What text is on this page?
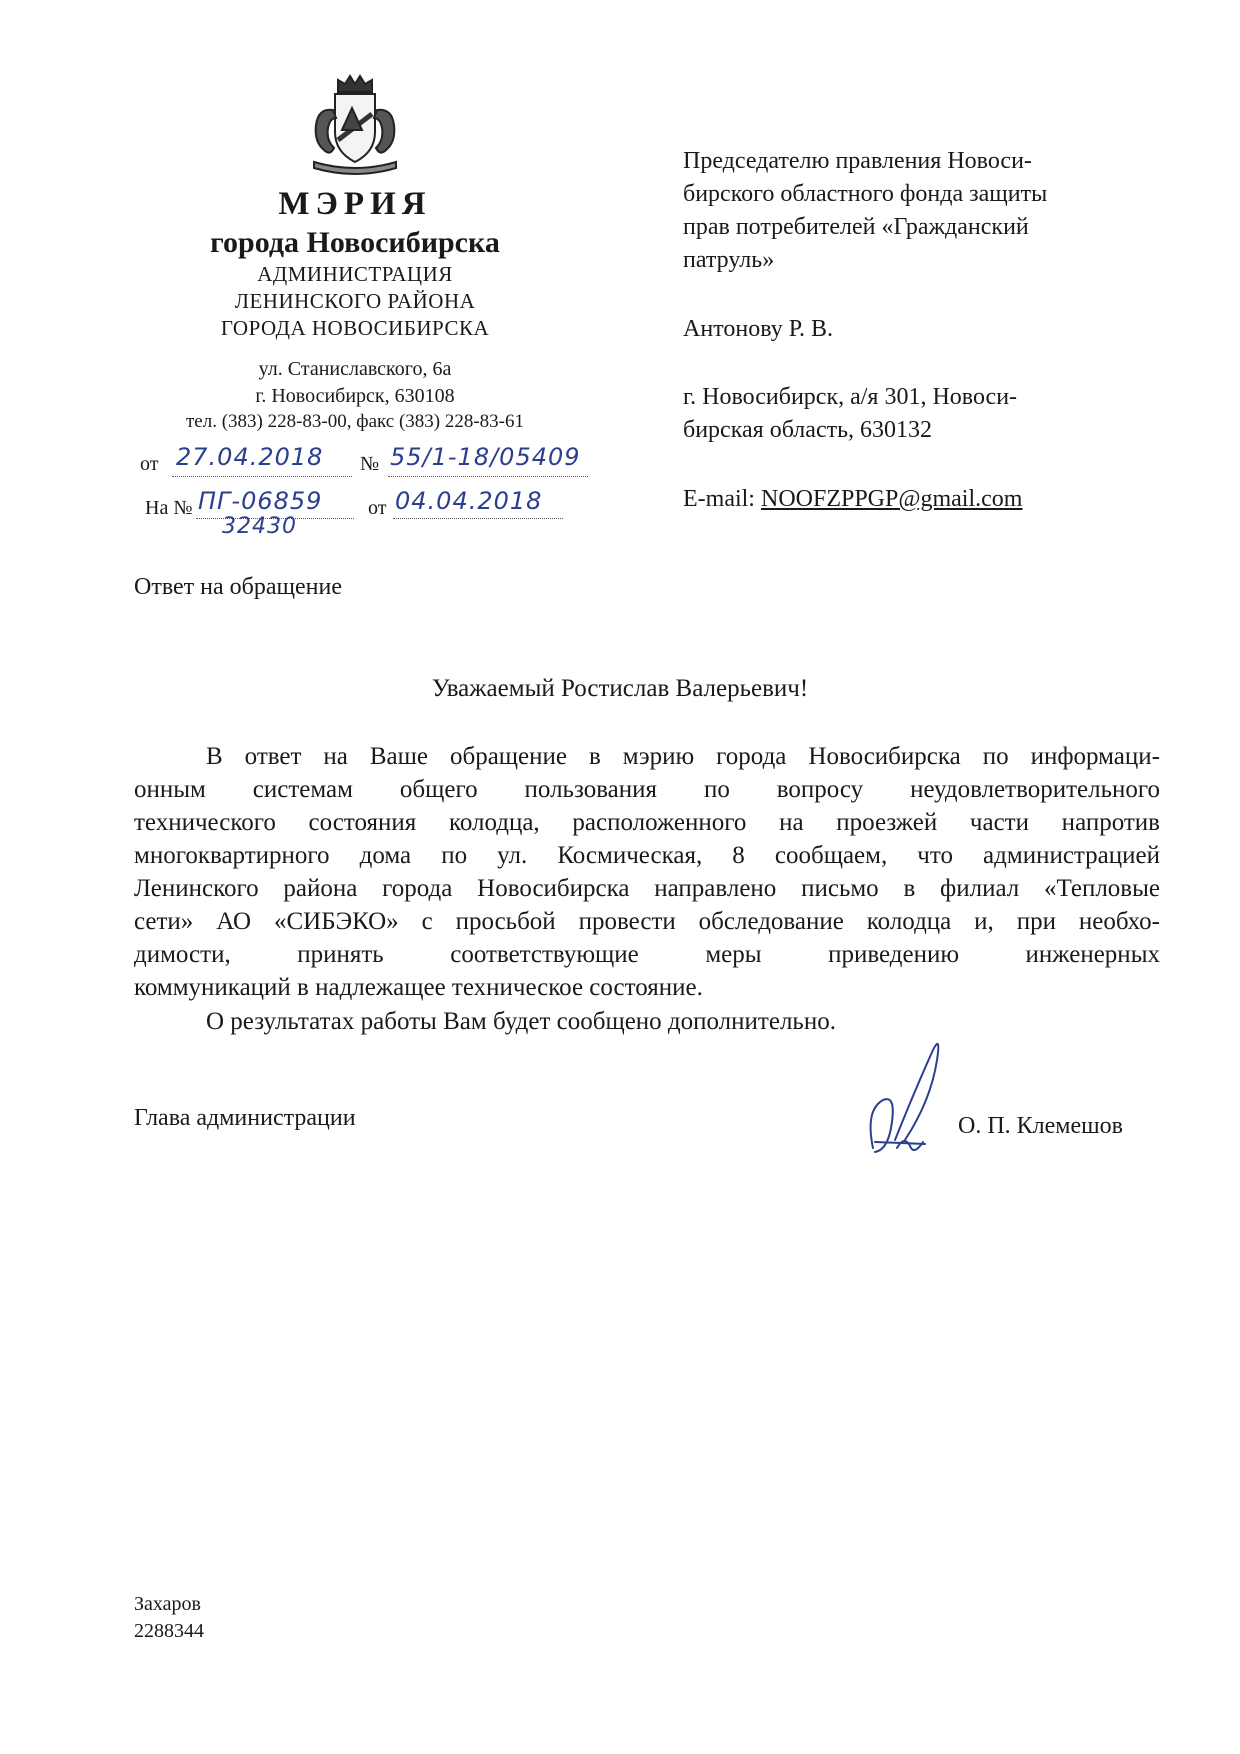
МЭРИЯ
города Новосибирска
АДМИНИСТРАЦИЯ
ЛЕНИНСКОГО РАЙОНА
ГОРОДА НОВОСИБИРСКА
ул. Станиславского, 6а
г. Новосибирск, 630108
тел. (383) 228-83-00, факс (383) 228-83-61
от 27.04.2018 № 55/1-18/05409
На № ПГ-06859
32430
от 04.04.2018
Председателю правления Новоси-
бирского областного фонда защиты
прав потребителей «Гражданский
патруль»
Антонову Р. В.
г. Новосибирск, а/я 301, Новоси-
бирская область, 630132
E-mail: NOOFZPPGP@gmail.com
Ответ на обращение
Уважаемый Ростислав Валерьевич!
В ответ на Ваше обращение в мэрию города Новосибирска по информаци-
онным системам общего пользования по вопросу неудовлетворительного
технического состояния колодца, расположенного на проезжей части напротив
многоквартирного дома по ул. Космическая, 8 сообщаем, что администрацией
Ленинского района города Новосибирска направлено письмо в филиал «Тепловые
сети» АО «СИБЭКО» с просьбой провести обследование колодца и, при необхо-
димости, принять соответствующие меры приведению инженерных
коммуникаций в надлежащее техническое состояние.
О результатах работы Вам будет сообщено дополнительно.
Глава администрации	О. П. Клемешов
Захаров
2288344
